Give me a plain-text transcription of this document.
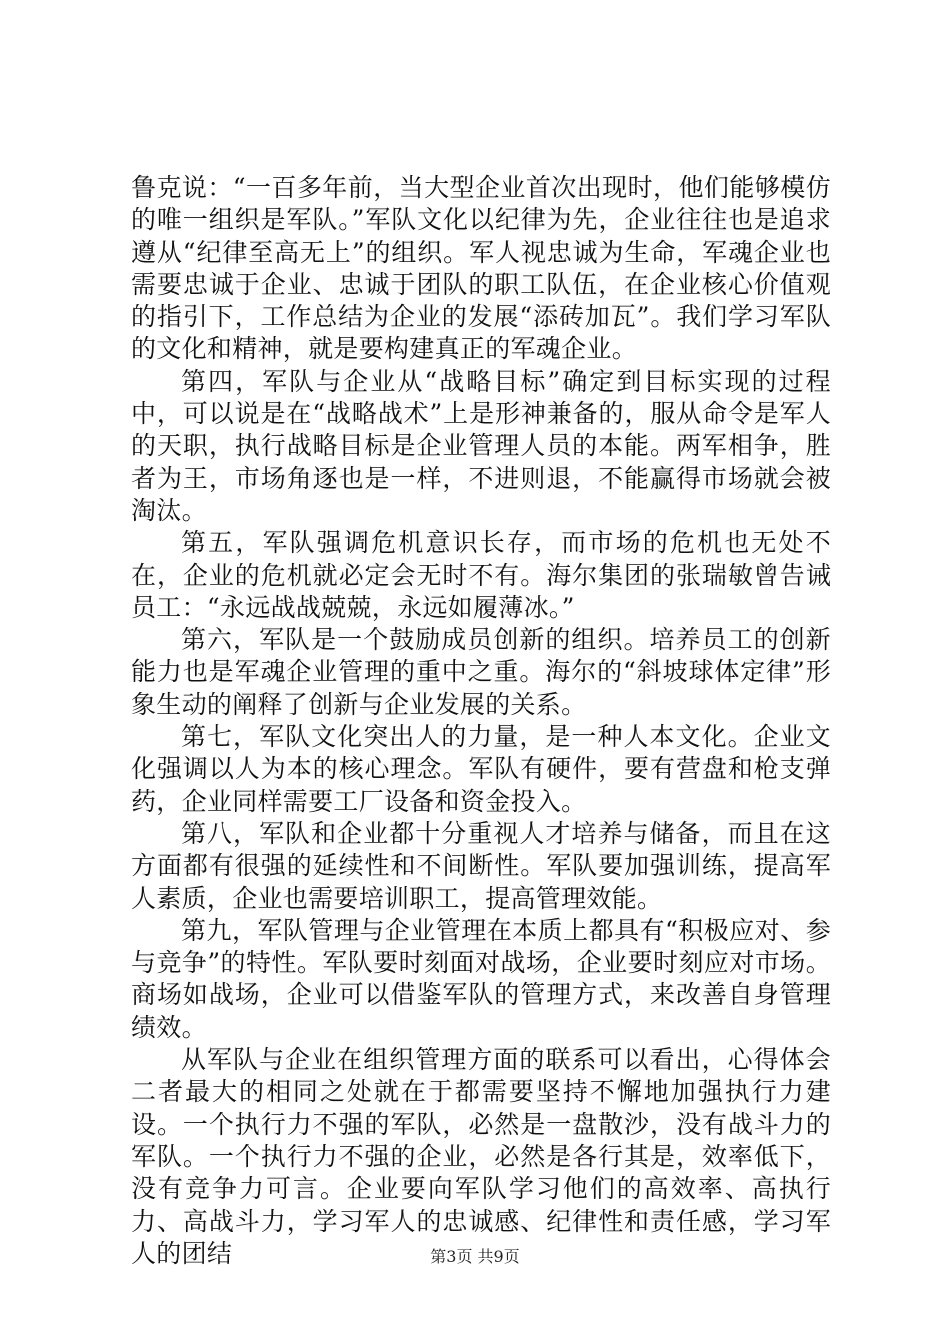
鲁克说：“一百多年前，当大型企业首次出现时，他们能够模仿的唯一组织是军队。”军队文化以纪律为先，企业往往也是追求遵从“纪律至高无上”的组织。军人视忠诚为生命，军魂企业也需要忠诚于企业、忠诚于团队的职工队伍，在企业核心价值观的指引下，工作总结为企业的发展“添砖加瓦”。我们学习军队的文化和精神，就是要构建真正的军魂企业。

第四，军队与企业从“战略目标”确定到目标实现的过程中，可以说是在“战略战术”上是形神兼备的，服从命令是军人的天职，执行战略目标是企业管理人员的本能。两军相争，胜者为王，市场角逐也是一样，不进则退，不能赢得市场就会被淘汰。

第五，军队强调危机意识长存，而市场的危机也无处不在，企业的危机就必定会无时不有。海尔集团的张瑞敏曾告诫员工：“永远战战兢兢，永远如履薄冰。”

第六，军队是一个鼓励成员创新的组织。培养员工的创新能力也是军魂企业管理的重中之重。海尔的“斜坡球体定律”形象生动的阐释了创新与企业发展的关系。

第七，军队文化突出人的力量，是一种人本文化。企业文化强调以人为本的核心理念。军队有硬件，要有营盘和枪支弹药，企业同样需要工厂设备和资金投入。

第八，军队和企业都十分重视人才培养与储备，而且在这方面都有很强的延续性和不间断性。军队要加强训练，提高军人素质，企业也需要培训职工，提高管理效能。

第九，军队管理与企业管理在本质上都具有“积极应对、参与竞争”的特性。军队要时刻面对战场，企业要时刻应对市场。商场如战场，企业可以借鉴军队的管理方式，来改善自身管理绩效。

从军队与企业在组织管理方面的联系可以看出，心得体会二者最大的相同之处就在于都需要坚持不懈地加强执行力建设。一个执行力不强的军队，必然是一盘散沙，没有战斗力的军队。一个执行力不强的企业，必然是各行其是，效率低下，没有竞争力可言。企业要向军队学习他们的高效率、高执行力、高战斗力，学习军人的忠诚感、纪律性和责任感，学习军人的团结	第3页 共9页
